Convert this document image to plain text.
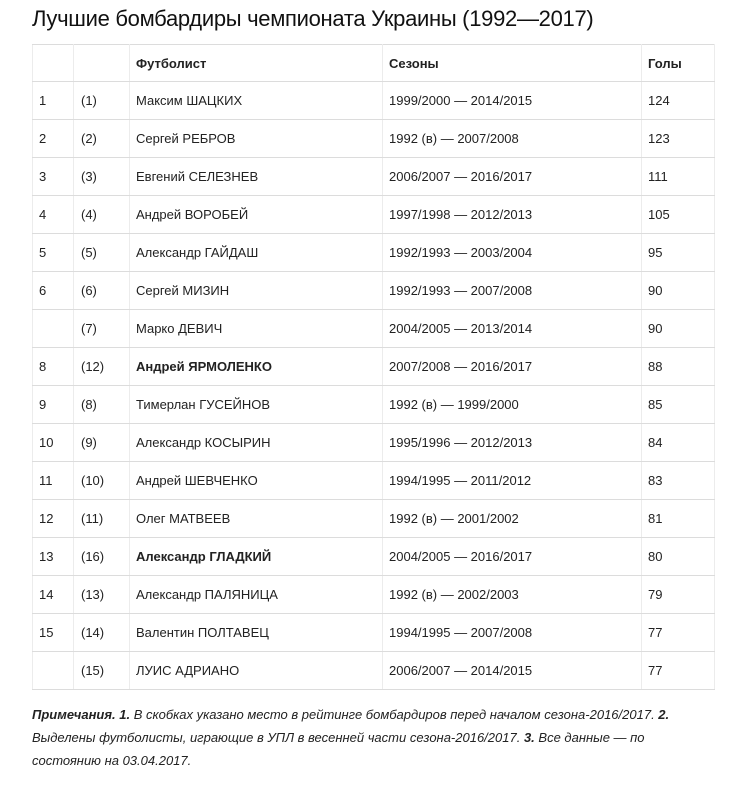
Лучшие бомбардиры чемпионата Украины (1992—2017)
		Футболист	Сезоны	Голы
1	(1)	Максим ШАЦКИХ	1999/2000 — 2014/2015	124
2	(2)	Сергей РЕБРОВ	1992 (в) — 2007/2008	123
3	(3)	Евгений СЕЛЕЗНЕВ	2006/2007 — 2016/2017	111
4	(4)	Андрей ВОРОБЕЙ	1997/1998 — 2012/2013	105
5	(5)	Александр ГАЙДАШ	1992/1993 — 2003/2004	95
6	(6)	Сергей МИЗИН	1992/1993 — 2007/2008	90
	(7)	Марко ДЕВИЧ	2004/2005 — 2013/2014	90
8	(12)	Андрей ЯРМОЛЕНКО	2007/2008 — 2016/2017	88
9	(8)	Тимерлан ГУСЕЙНОВ	1992 (в) — 1999/2000	85
10	(9)	Александр КОСЫРИН	1995/1996 — 2012/2013	84
11	(10)	Андрей ШЕВЧЕНКО	1994/1995 — 2011/2012	83
12	(11)	Олег МАТВЕЕВ	1992 (в) — 2001/2002	81
13	(16)	Александр ГЛАДКИЙ	2004/2005 — 2016/2017	80
14	(13)	Александр ПАЛЯНИЦА	1992 (в) — 2002/2003	79
15	(14)	Валентин ПОЛТАВЕЦ	1994/1995 — 2007/2008	77
	(15)	ЛУИС АДРИАНО	2006/2007 — 2014/2015	77
Примечания. 1. В скобках указано место в рейтинге бомбардиров перед началом сезона-2016/2017. 2. Выделены футболисты, играющие в УПЛ в весенней части сезона-2016/2017. 3. Все данные — по состоянию на 03.04.2017.
